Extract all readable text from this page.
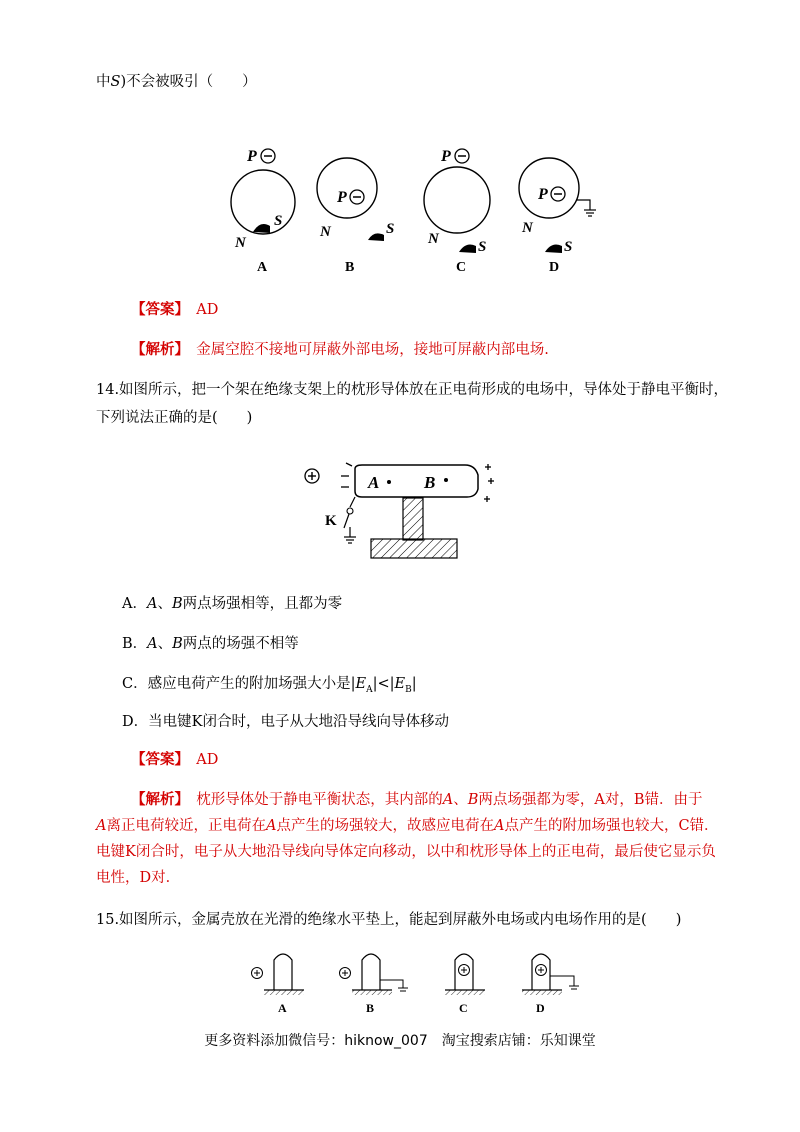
中S)不会被吸引（　　）
P
S
N
A
P
S
N
B
P
S
N
C
P
S
N
D
【答案】　 AD
【解析】　 金属空腔不接地可屏蔽外部电场，接地可屏蔽内部电场.
14.如图所示，把一个架在绝缘支架上的枕形导体放在正电荷形成的电场中，导体处于静电平衡时，
下列说法正确的是(　　)
A	B
K
A．A、B两点场强相等，且都为零
B．A、B两点的场强不相等
C．感应电荷产生的附加场强大小是$|E_A|<|E_B|$
D．当电键K闭合时，电子从大地沿导线向导体移动
【答案】　 AD
【解析】　 枕形导体处于静电平衡状态，其内部的A、B两点场强都为零，A对，B错．由于
A离正电荷较近，正电荷在A点产生的场强较大，故感应电荷在A点产生的附加场强也较大，C错．
电键K闭合时，电子从大地沿导线向导体定向移动，以中和枕形导体上的正电荷，最后使它显示负
电性，D对．
15.如图所示，金属壳放在光滑的绝缘水平垫上，能起到屏蔽外电场或内电场作用的是(　　)
A	B	C	D
更多资料添加微信号：hiknow_007　淘宝搜索店铺：乐知课堂
